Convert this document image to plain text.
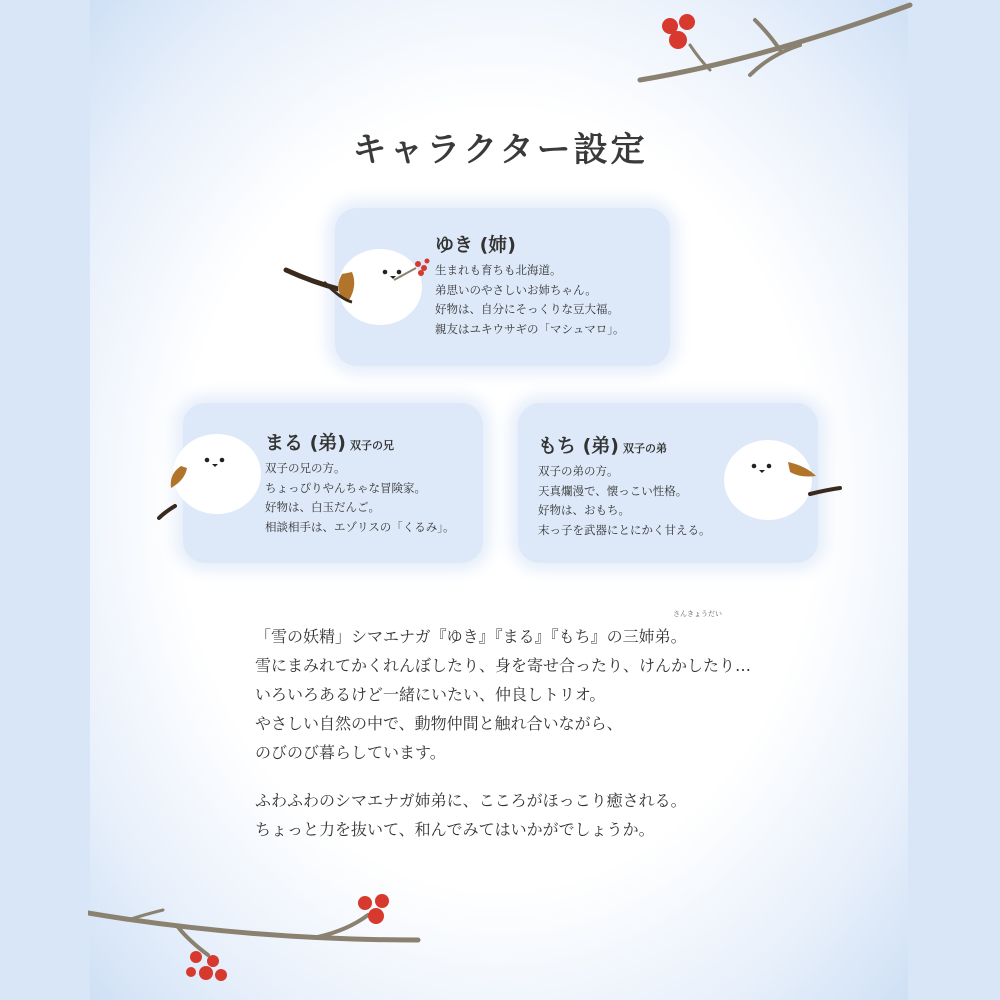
キャラクター設定
ゆき (姉)
生まれも育ちも北海道。
弟思いのやさしいお姉ちゃん。
好物は、自分にそっくりな豆大福。
親友はユキウサギの「マシュマロ」。
まる (弟) 双子の兄
双子の兄の方。
ちょっぴりやんちゃな冒険家。
好物は、白玉だんご。
相談相手は、エゾリスの「くるみ」。
もち (弟) 双子の弟
双子の弟の方。
天真爛漫で、懐っこい性格。
好物は、おもち。
末っ子を武器にとにかく甘える。
さんきょうだい
「雪の妖精」シマエナガ『ゆき』『まる』『もち』の三姉弟。
雪にまみれてかくれんぼしたり、身を寄せ合ったり、けんかしたり…
いろいろあるけど一緒にいたい、仲良しトリオ。
やさしい自然の中で、動物仲間と触れ合いながら、
のびのび暮らしています。
ふわふわのシマエナガ姉弟に、こころがほっこり癒される。
ちょっと力を抜いて、和んでみてはいかがでしょうか。
